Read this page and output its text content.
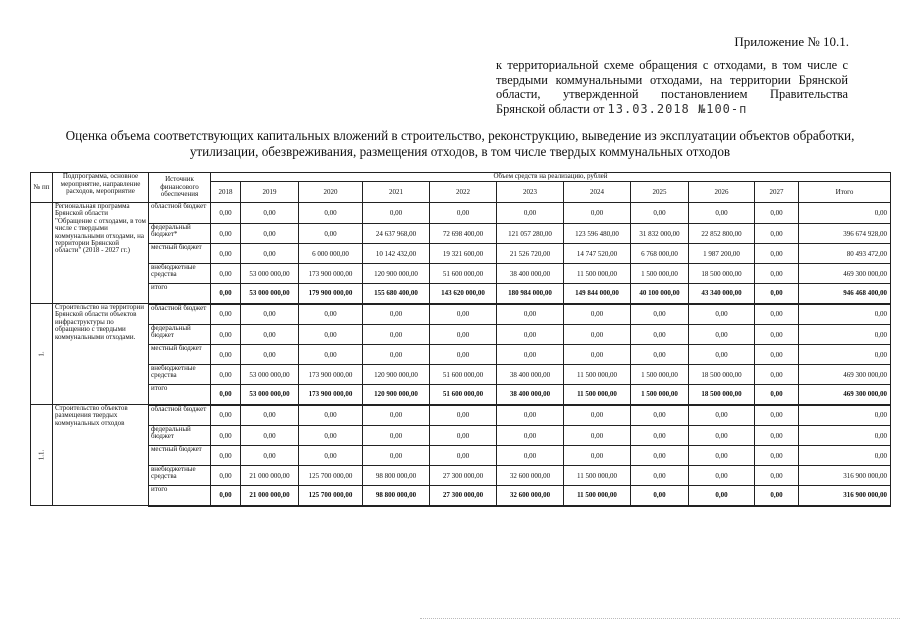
Приложение № 10.1.
к территориальной схеме обращения с отходами, в том числе с
твердыми коммунальными отходами, на территории Брянской
области, утвержденной постановлением Правительства
Брянской области от 13.03.2018 №100-п
Оценка объема соответствующих капитальных вложений в строительство, реконструкцию, выведение из эксплуатации объектов обработки, утилизации, обезвреживания, размещения отходов, в том числе твердых коммунальных отходов
№ пп	Подпрограмма, основное мероприятие, направление расходов, мероприятие	Источник финансового обеспечения	Объем средств на реализацию, рублей										
			2018	2019	2020	2021	2022	2023	2024	2025	2026	2027	Итого
	Региональная программа Брянской области "Обращение с отходами, в том числе с твердыми коммунальными отходами, на территории Брянской области" (2018 - 2027 гг.)	областной бюджет	0,00	0,00	0,00	0,00	0,00	0,00	0,00	0,00	0,00	0,00	0,00
		федеральный бюджет*	0,00	0,00	0,00	24 637 968,00	72 698 400,00	121 057 280,00	123 596 480,00	31 832 000,00	22 852 800,00	0,00	396 674 928,00
		местный бюджет	0,00	0,00	6 000 000,00	10 142 432,00	19 321 600,00	21 526 720,00	14 747 520,00	6 768 000,00	1 987 200,00	0,00	80 493 472,00
		внебюджетные средства	0,00	53 000 000,00	173 900 000,00	120 900 000,00	51 600 000,00	38 400 000,00	11 500 000,00	1 500 000,00	18 500 000,00	0,00	469 300 000,00
		итого	0,00	53 000 000,00	179 900 000,00	155 680 400,00	143 620 000,00	180 984 000,00	149 844 000,00	40 100 000,00	43 340 000,00	0,00	946 468 400,00
1.	Строительство на территории Брянской области объектов инфраструктуры по обращению с твердыми коммунальными отходами.	областной бюджет	0,00	0,00	0,00	0,00	0,00	0,00	0,00	0,00	0,00	0,00	0,00
		федеральный бюджет	0,00	0,00	0,00	0,00	0,00	0,00	0,00	0,00	0,00	0,00	0,00
		местный бюджет	0,00	0,00	0,00	0,00	0,00	0,00	0,00	0,00	0,00	0,00	0,00
		внебюджетные средства	0,00	53 000 000,00	173 900 000,00	120 900 000,00	51 600 000,00	38 400 000,00	11 500 000,00	1 500 000,00	18 500 000,00	0,00	469 300 000,00
		итого	0,00	53 000 000,00	173 900 000,00	120 900 000,00	51 600 000,00	38 400 000,00	11 500 000,00	1 500 000,00	18 500 000,00	0,00	469 300 000,00
1.1.	Строительство объектов размещения твердых коммунальных отходов	областной бюджет	0,00	0,00	0,00	0,00	0,00	0,00	0,00	0,00	0,00	0,00	0,00
		федеральный бюджет	0,00	0,00	0,00	0,00	0,00	0,00	0,00	0,00	0,00	0,00	0,00
		местный бюджет	0,00	0,00	0,00	0,00	0,00	0,00	0,00	0,00	0,00	0,00	0,00
		внебюджетные средства	0,00	21 000 000,00	125 700 000,00	98 800 000,00	27 300 000,00	32 600 000,00	11 500 000,00	0,00	0,00	0,00	316 900 000,00
		итого	0,00	21 000 000,00	125 700 000,00	98 800 000,00	27 300 000,00	32 600 000,00	11 500 000,00	0,00	0,00	0,00	316 900 000,00
